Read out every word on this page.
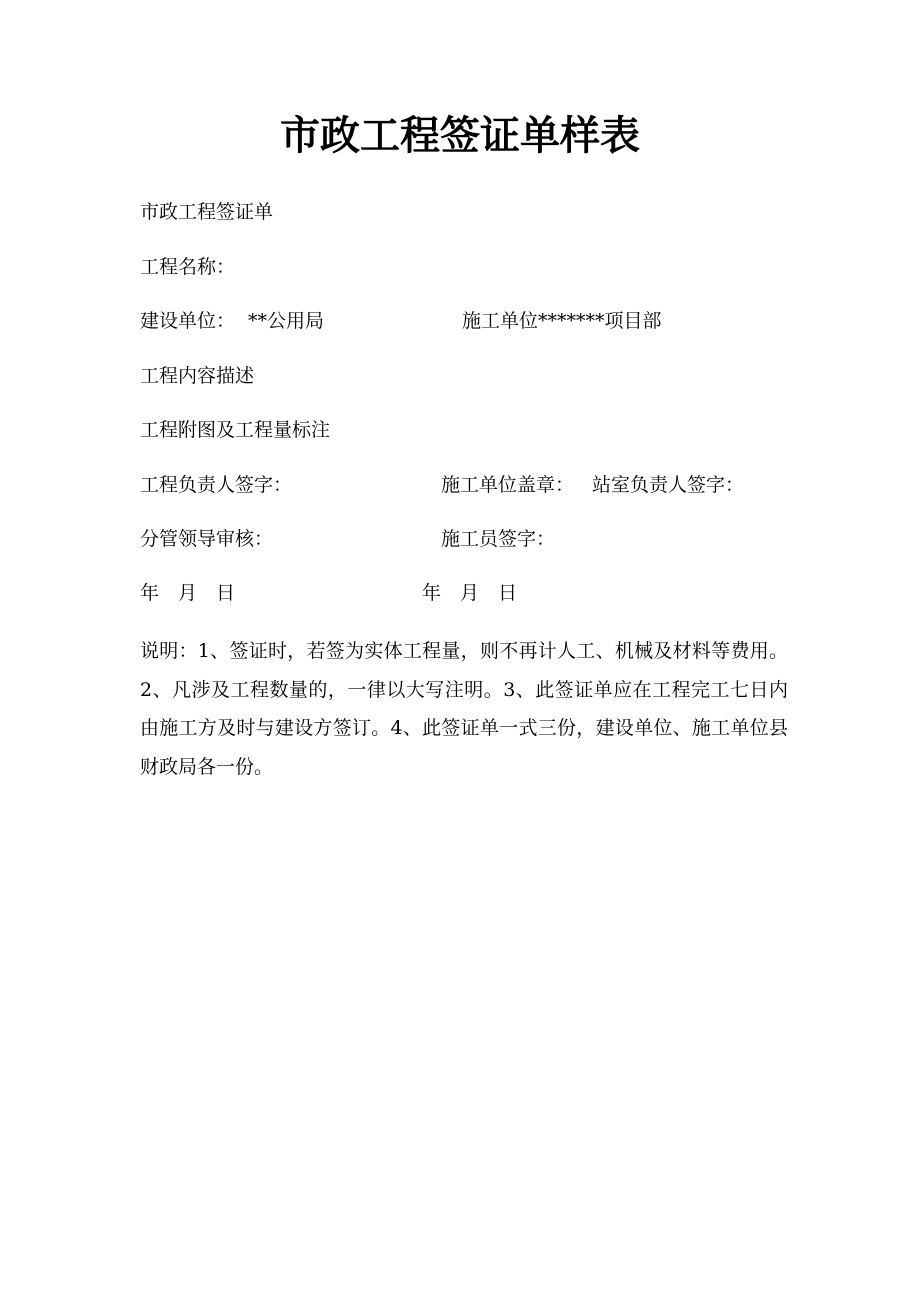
市政工程签证单样表
市政工程签证单
工程名称：
建设单位： **公用局	施工单位*******项目部
工程内容描述
工程附图及工程量标注
工程负责人签字：	施工单位盖章： 站室负责人签字：
分管领导审核：	施工员签字：
年　月　日	年　月　日
说明：1、签证时，若签为实体工程量，则不再计人工、机械及材料等费用。2、凡涉及工程数量的，一律以大写注明。3、此签证单应在工程完工七日内由施工方及时与建设方签订。4、此签证单一式三份，建设单位、施工单位县财政局各一份。
